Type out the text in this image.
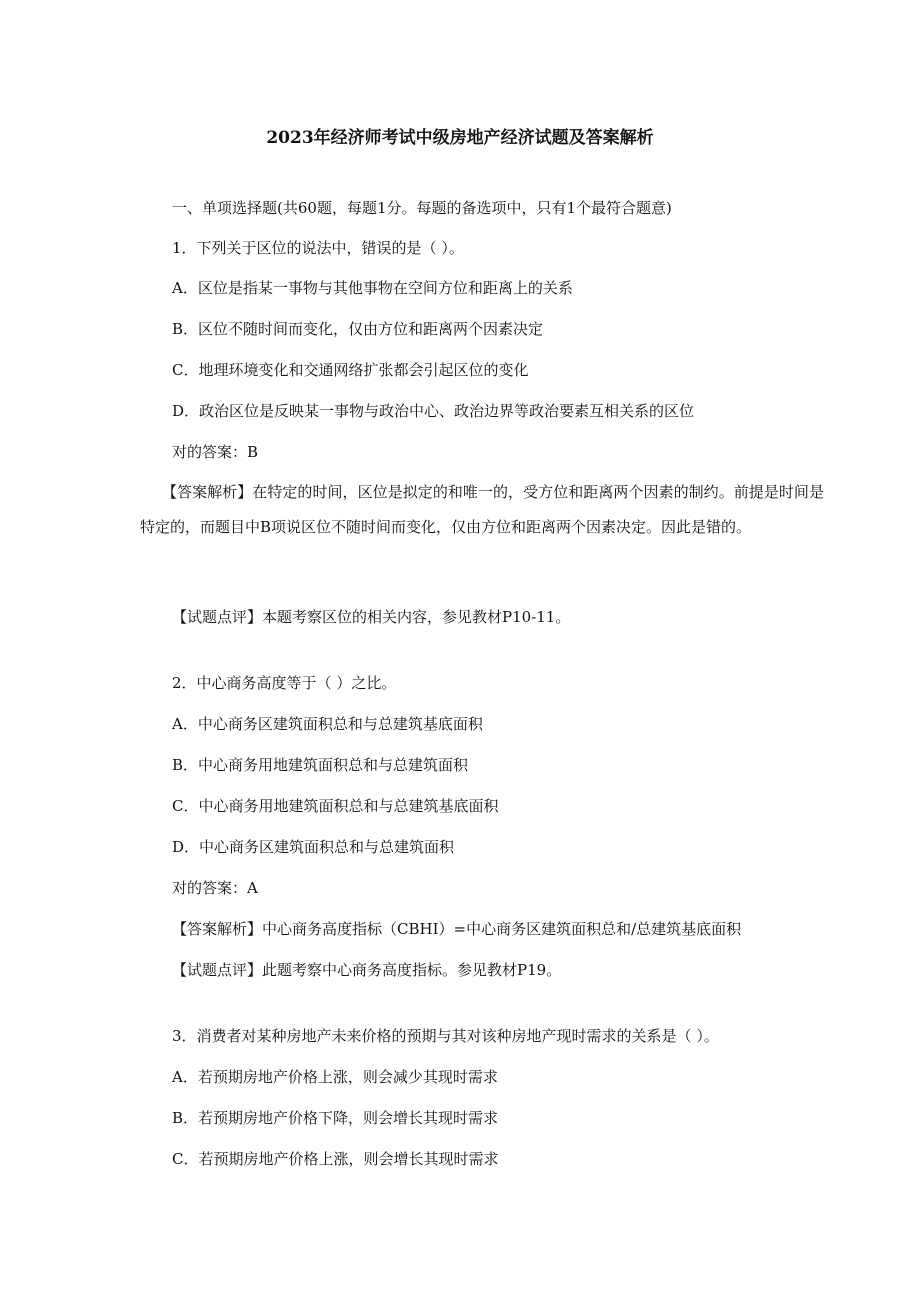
2023年经济师考试中级房地产经济试题及答案解析
一、单项选择题(共60题，每题1分。每题的备选项中，只有1个最符合题意)
1．下列关于区位的说法中，错误的是（ ）。
A．区位是指某一事物与其他事物在空间方位和距离上的关系
B．区位不随时间而变化，仅由方位和距离两个因素决定
C．地理环境变化和交通网络扩张都会引起区位的变化
D．政治区位是反映某一事物与政治中心、政治边界等政治要素互相关系的区位
对的答案：B
【答案解析】在特定的时间，区位是拟定的和唯一的，受方位和距离两个因素的制约。前提是时间是特定的，而题目中B项说区位不随时间而变化，仅由方位和距离两个因素决定。因此是错的。
【试题点评】本题考察区位的相关内容，参见教材P10-11。
2．中心商务高度等于（ ）之比。
A．中心商务区建筑面积总和与总建筑基底面积
B．中心商务用地建筑面积总和与总建筑面积
C．中心商务用地建筑面积总和与总建筑基底面积
D．中心商务区建筑面积总和与总建筑面积
对的答案：A
【答案解析】中心商务高度指标（CBHI）=中心商务区建筑面积总和/总建筑基底面积
【试题点评】此题考察中心商务高度指标。参见教材P19。
3．消费者对某种房地产未来价格的预期与其对该种房地产现时需求的关系是（ ）。
A．若预期房地产价格上涨，则会减少其现时需求
B．若预期房地产价格下降，则会增长其现时需求
C．若预期房地产价格上涨，则会增长其现时需求
